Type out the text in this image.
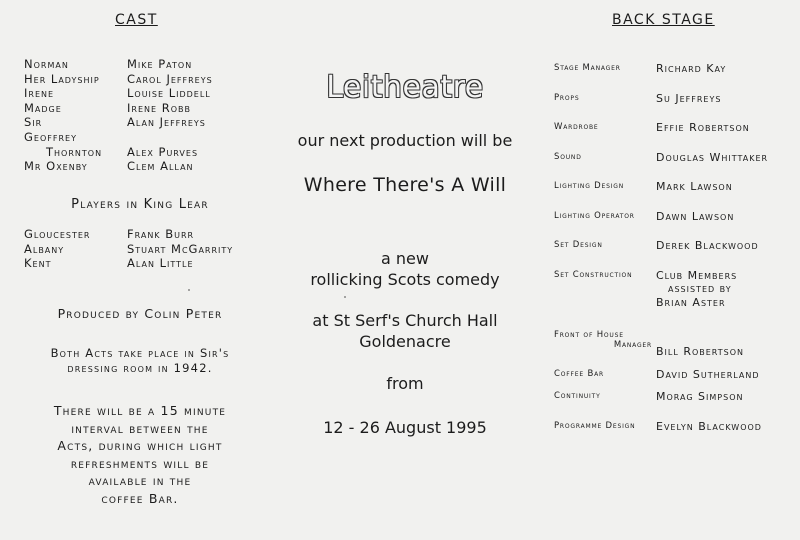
CAST
Norman	Mike Paton
Her Ladyship	Carol Jeffreys
Irene	Louise Liddell
Madge	Irene Robb
Sir	Alan Jeffreys
Geoffrey	
Thornton	Alex Purves
Mr Oxenby	Clem Allan
Players in King Lear
Gloucester	Frank Burr
Albany	Stuart McGarrity
Kent	Alan Little
Produced by Colin Peter
Both Acts take place in Sir's
dressing room in 1942.
There will be a 15 minute
interval between the
Acts, during which light
refreshments will be
available in the
coffee Bar.
Leitheatre
our next production will be
Where There's A Will
a new
rollicking Scots comedy
at St Serf's Church Hall
Goldenacre
from
12 - 26 August 1995
BACK STAGE
Stage Manager	Richard Kay
Props	Su Jeffreys
Wardrobe	Effie Robertson
Sound	Douglas Whittaker
Lighting Design	Mark Lawson
Lighting Operator	Dawn Lawson
Set Design	Derek Blackwood
Set Construction	Club Members
assisted by
Brian Aster

Front of House
Manager	Bill Robertson
Coffee Bar	David Sutherland
Continuity	Morag Simpson
Programme Design	Evelyn Blackwood
